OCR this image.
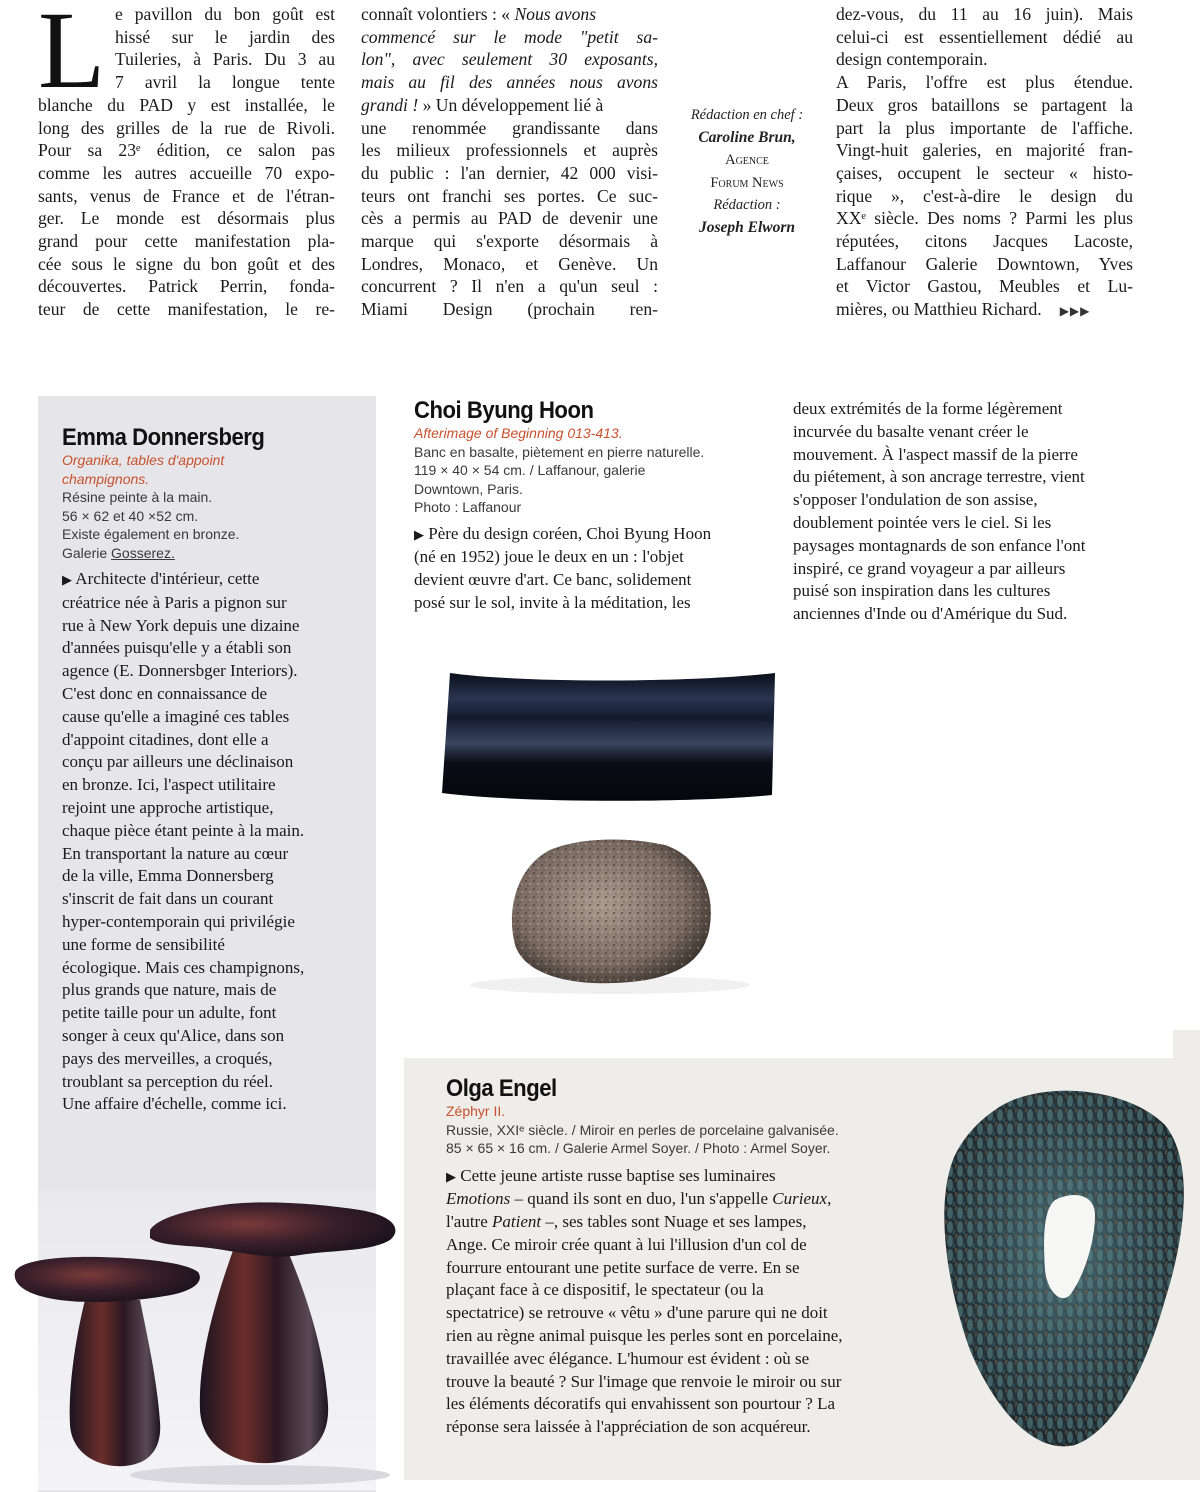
L e pavillon du bon goût est
hissé sur le jardin des
Tuileries, à Paris. Du 3 au
7 avril la longue tente
blanche du PAD y est installée, le
long des grilles de la rue de Rivoli.
Pour sa 23ᵉ édition, ce salon pas
comme les autres accueille 70 expo-
sants, venus de France et de l'étran-
ger. Le monde est désormais plus
grand pour cette manifestation pla-
cée sous le signe du bon goût et des
découvertes. Patrick Perrin, fonda-
teur de cette manifestation, le re-
connaît volontiers : « Nous avons
commencé sur le mode "petit sa-
lon", avec seulement 30 exposants,
mais au fil des années nous avons
grandi ! » Un développement lié à
une renommée grandissante dans
les milieux professionnels et auprès
du public : l'an dernier, 42 000 visi-
teurs ont franchi ses portes. Ce suc-
cès a permis au PAD de devenir une
marque qui s'exporte désormais à
Londres, Monaco, et Genève. Un
concurrent ? Il n'en a qu'un seul :
Miami Design (prochain ren-
Rédaction en chef :
Caroline Brun,
Agence
Forum News
Rédaction :
Joseph Elworn
dez-vous, du 11 au 16 juin). Mais
celui-ci est essentiellement dédié au
design contemporain.
A Paris, l'offre est plus étendue.
Deux gros bataillons se partagent la
part la plus importante de l'affiche.
Vingt-huit galeries, en majorité fran-
çaises, occupent le secteur « histo-
rique », c'est-à-dire le design du
XXᵉ siècle. Des noms ? Parmi les plus
réputées, citons Jacques Lacoste,
Laffanour Galerie Downtown, Yves
et Victor Gastou, Meubles et Lu-
mières, ou Matthieu Richard. ▶▶▶
Emma Donnersberg
Organika, tables d'appoint
champignons.
Résine peinte à la main.
56 × 62 et 40 ×52 cm.
Existe également en bronze.
Galerie Gosserez.
▶ Architecte d'intérieur, cette
créatrice née à Paris a pignon sur
rue à New York depuis une dizaine
d'années puisqu'elle y a établi son
agence (E. Donnersbger Interiors).
C'est donc en connaissance de
cause qu'elle a imaginé ces tables
d'appoint citadines, dont elle a
conçu par ailleurs une déclinaison
en bronze. Ici, l'aspect utilitaire
rejoint une approche artistique,
chaque pièce étant peinte à la main.
En transportant la nature au cœur
de la ville, Emma Donnersberg
s'inscrit de fait dans un courant
hyper-contemporain qui privilégie
une forme de sensibilité
écologique. Mais ces champignons,
plus grands que nature, mais de
petite taille pour un adulte, font
songer à ceux qu'Alice, dans son
pays des merveilles, a croqués,
troublant sa perception du réel.
Une affaire d'échelle, comme ici.
Choi Byung Hoon
Afterimage of Beginning 013-413.
Banc en basalte, piètement en pierre naturelle.
119 × 40 × 54 cm. / Laffanour, galerie
Downtown, Paris.
Photo : Laffanour
▶ Père du design coréen, Choi Byung Hoon
(né en 1952) joue le deux en un : l'objet
devient œuvre d'art. Ce banc, solidement
posé sur le sol, invite à la méditation, les
deux extrémités de la forme légèrement
incurvée du basalte venant créer le
mouvement. À l'aspect massif de la pierre
du piétement, à son ancrage terrestre, vient
s'opposer l'ondulation de son assise,
doublement pointée vers le ciel. Si les
paysages montagnards de son enfance l'ont
inspiré, ce grand voyageur a par ailleurs
puisé son inspiration dans les cultures
anciennes d'Inde ou d'Amérique du Sud.
Olga Engel
Zéphyr II.
Russie, XXIᵉ siècle. / Miroir en perles de porcelaine galvanisée.
85 × 65 × 16 cm. / Galerie Armel Soyer. / Photo : Armel Soyer.
▶ Cette jeune artiste russe baptise ses luminaires
Emotions – quand ils sont en duo, l'un s'appelle Curieux,
l'autre Patient –, ses tables sont Nuage et ses lampes,
Ange. Ce miroir crée quant à lui l'illusion d'un col de
fourrure entourant une petite surface de verre. En se
plaçant face à ce dispositif, le spectateur (ou la
spectatrice) se retrouve « vêtu » d'une parure qui ne doit
rien au règne animal puisque les perles sont en porcelaine,
travaillée avec élégance. L'humour est évident : où se
trouve la beauté ? Sur l'image que renvoie le miroir ou sur
les éléments décoratifs qui envahissent son pourtour ? La
réponse sera laissée à l'appréciation de son acquéreur.
